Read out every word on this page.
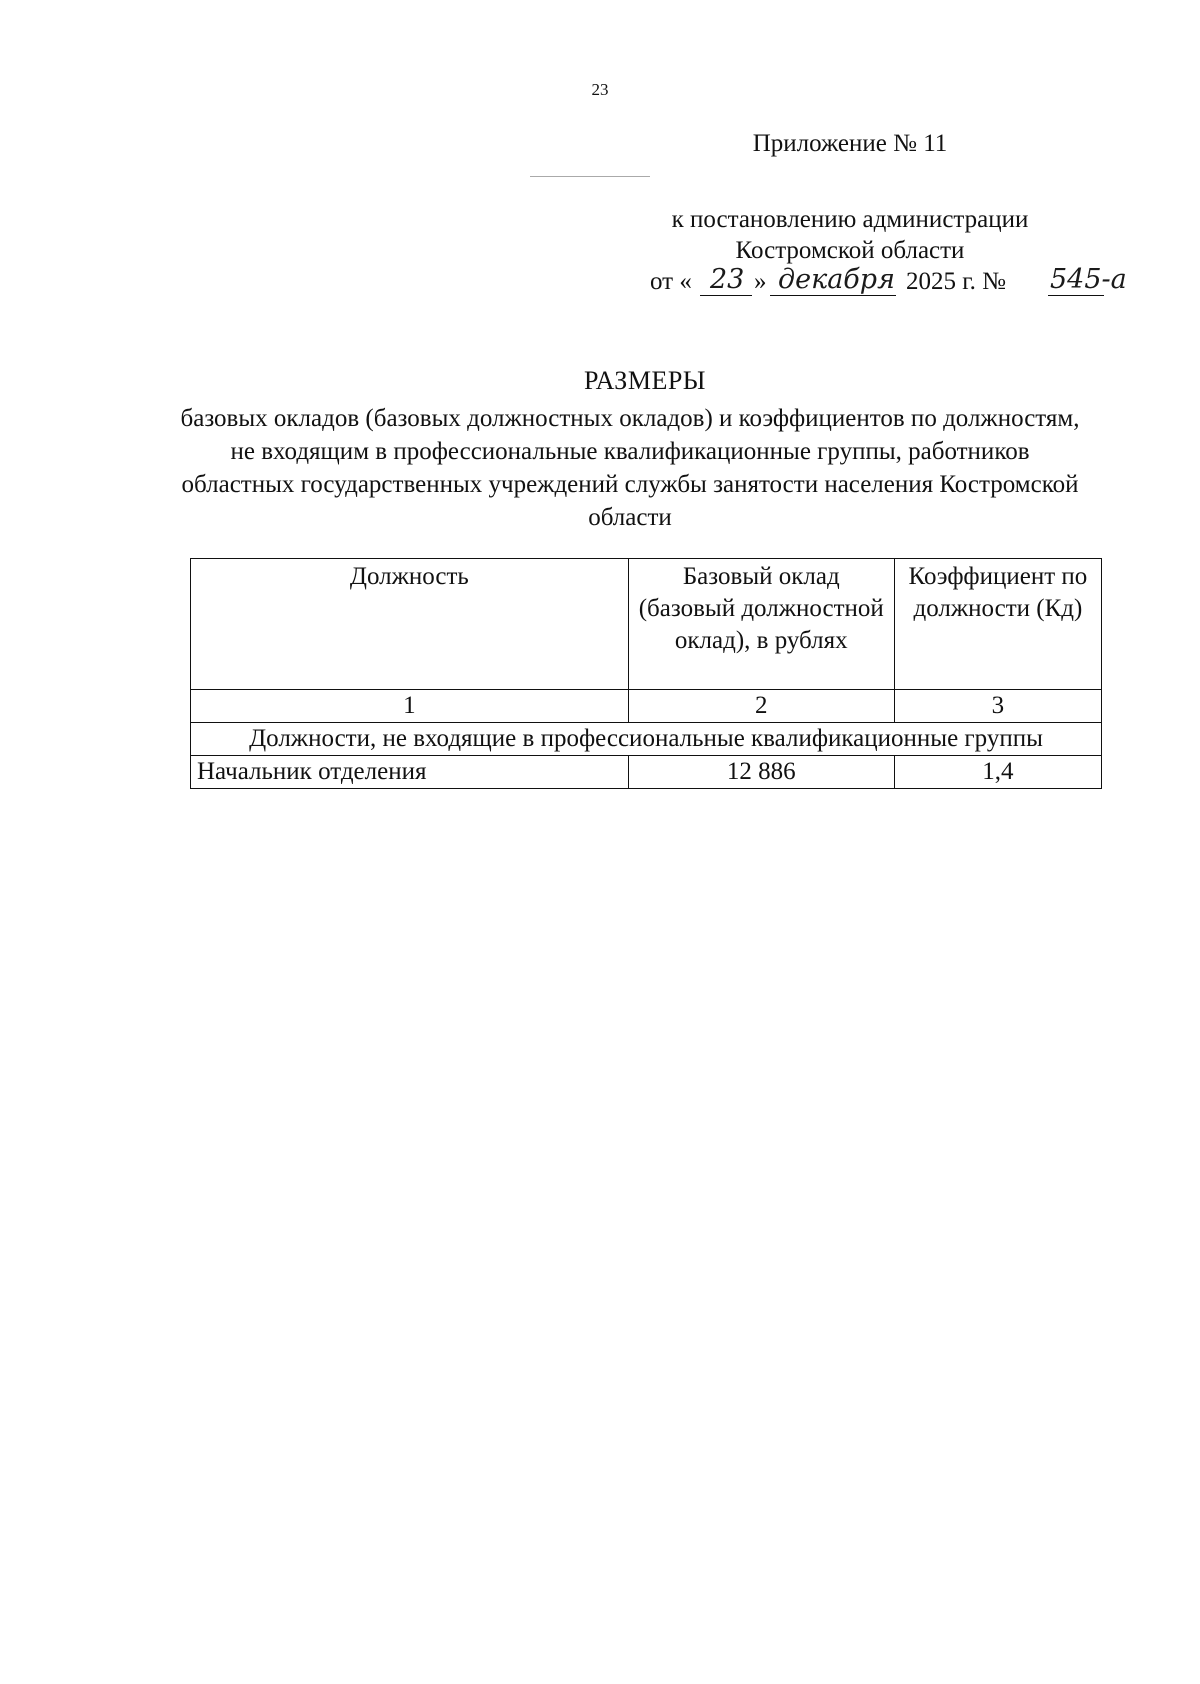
23
Приложение № 11
к постановлению администрации
Костромской области
от « 23 » декабря 2025 г. № 545-а
РАЗМЕРЫ
базовых окладов (базовых должностных окладов) и коэффициентов по должностям, не входящим в профессиональные квалификационные группы, работников областных государственных учреждений службы занятости населения Костромской области
Должность	Базовый оклад (базовый должностной оклад), в рублях	Коэффициент по должности (Кд)
1	2	3
Должности, не входящие в профессиональные квалификационные группы		
Начальник отделения	12 886	1,4
